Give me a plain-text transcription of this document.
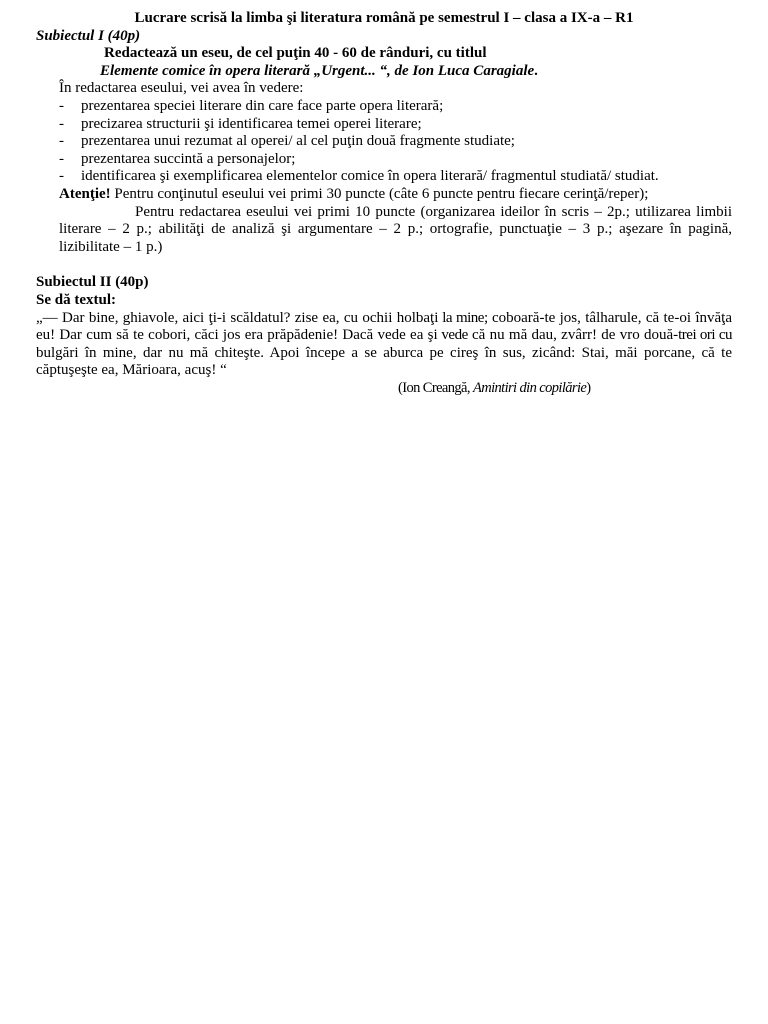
Lucrare scrisă la limba şi literatura română pe semestrul I – clasa a IX-a – R1
Subiectul I (40p)
Redactează un eseu, de cel puţin 40 - 60 de rânduri, cu titlul
Elemente comice în opera literară „Urgent... “, de Ion Luca Caragiale.
În redactarea eseului, vei avea în vedere:
-	prezentarea speciei literare din care face parte opera literară;
-	precizarea structurii şi identificarea temei operei literare;
-	prezentarea unui rezumat al operei/ al cel puţin două fragmente studiate;
-	prezentarea succintă a personajelor;
-	identificarea şi exemplificarea elementelor comice în opera literară/ fragmentul studiată/ studiat.
Atenţie! Pentru conţinutul eseului vei primi 30 puncte (câte 6 puncte pentru fiecare cerinţă/reper);
Pentru redactarea eseului vei primi 10 puncte (organizarea ideilor în scris – 2p.; utilizarea limbii literare – 2 p.; abilităţi de analiză şi argumentare – 2 p.; ortografie, punctuaţie – 3 p.; aşezare în pagină, lizibilitate – 1 p.)
Subiectul II (40p)
Se dă textul:
„— Dar bine, ghiavole, aici ţi-i scăldatul? zise ea, cu ochii holbaţi la mine; coboară-te jos, tâlharule, că te-oi învăţa eu! Dar cum să te cobori, căci jos era prăpădenie! Dacă vede ea şi vede că nu mă dau, zvârr! de vro două-trei ori cu bulgări în mine, dar nu mă chiteşte. Apoi începe a se aburca pe cireş în sus, zicând: Stai, măi porcane, că te căptuşeşte ea, Mărioara, acuş! “
(Ion Creangă, Amintiri din copilărie)
